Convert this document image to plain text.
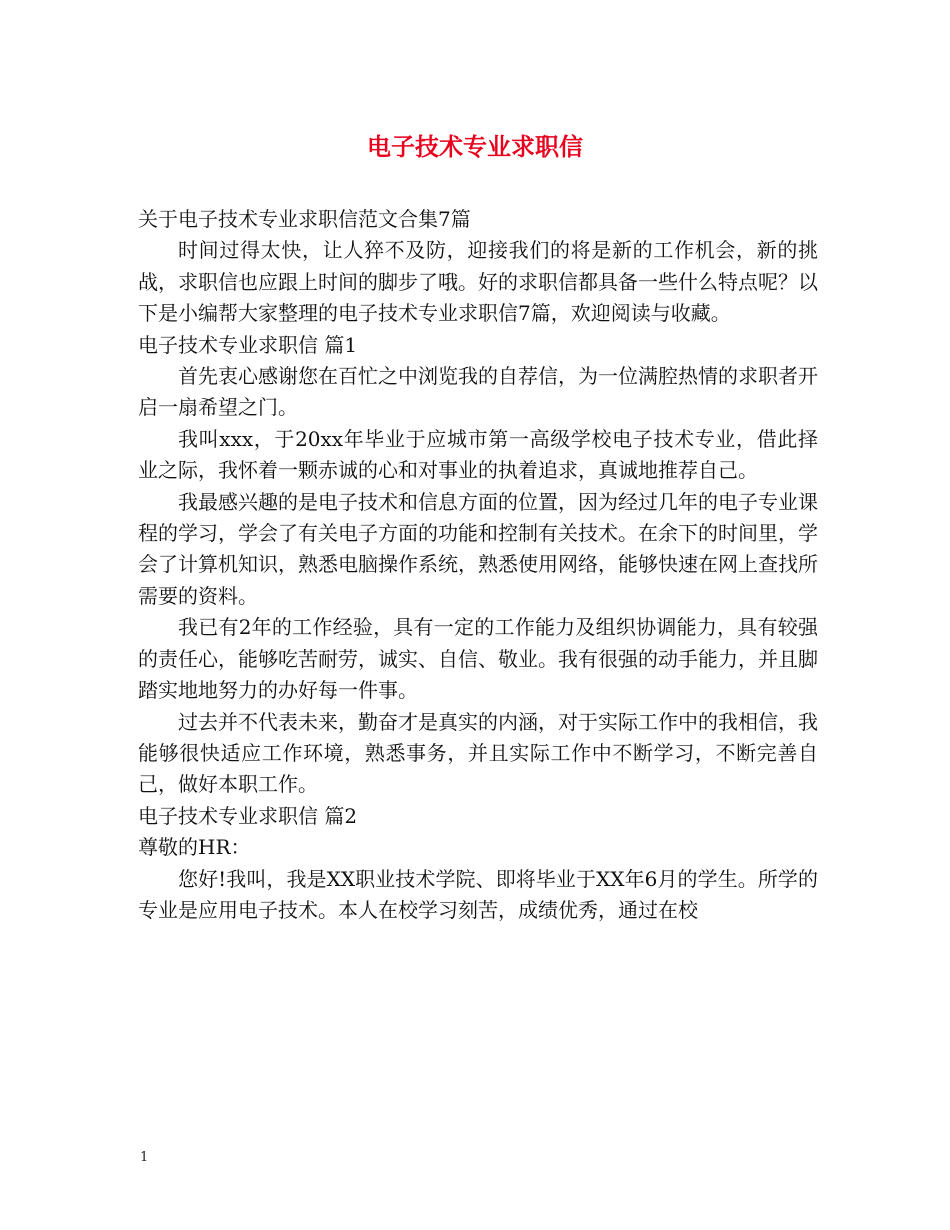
电子技术专业求职信

关于电子技术专业求职信范文合集7篇

时间过得太快，让人猝不及防，迎接我们的将是新的工作机会，新的挑战，求职信也应跟上时间的脚步了哦。好的求职信都具备一些什么特点呢？以下是小编帮大家整理的电子技术专业求职信7篇，欢迎阅读与收藏。

电子技术专业求职信 篇1

首先衷心感谢您在百忙之中浏览我的自荐信，为一位满腔热情的求职者开启一扇希望之门。

我叫xxx，于20xx年毕业于应城市第一高级学校电子技术专业，借此择业之际，我怀着一颗赤诚的心和对事业的执着追求，真诚地推荐自己。

我最感兴趣的是电子技术和信息方面的位置，因为经过几年的电子专业课程的学习，学会了有关电子方面的功能和控制有关技术。在余下的时间里，学会了计算机知识，熟悉电脑操作系统，熟悉使用网络，能够快速在网上查找所需要的资料。

我已有2年的工作经验，具有一定的工作能力及组织协调能力，具有较强的责任心，能够吃苦耐劳，诚实、自信、敬业。我有很强的动手能力，并且脚踏实地地努力的办好每一件事。

过去并不代表未来，勤奋才是真实的内涵，对于实际工作中的我相信，我能够很快适应工作环境，熟悉事务，并且实际工作中不断学习，不断完善自己，做好本职工作。

电子技术专业求职信 篇2

尊敬的HR：

您好!我叫，我是XX职业技术学院、即将毕业于XX年6月的学生。所学的专业是应用电子技术。本人在校学习刻苦，成绩优秀，通过在校

1
